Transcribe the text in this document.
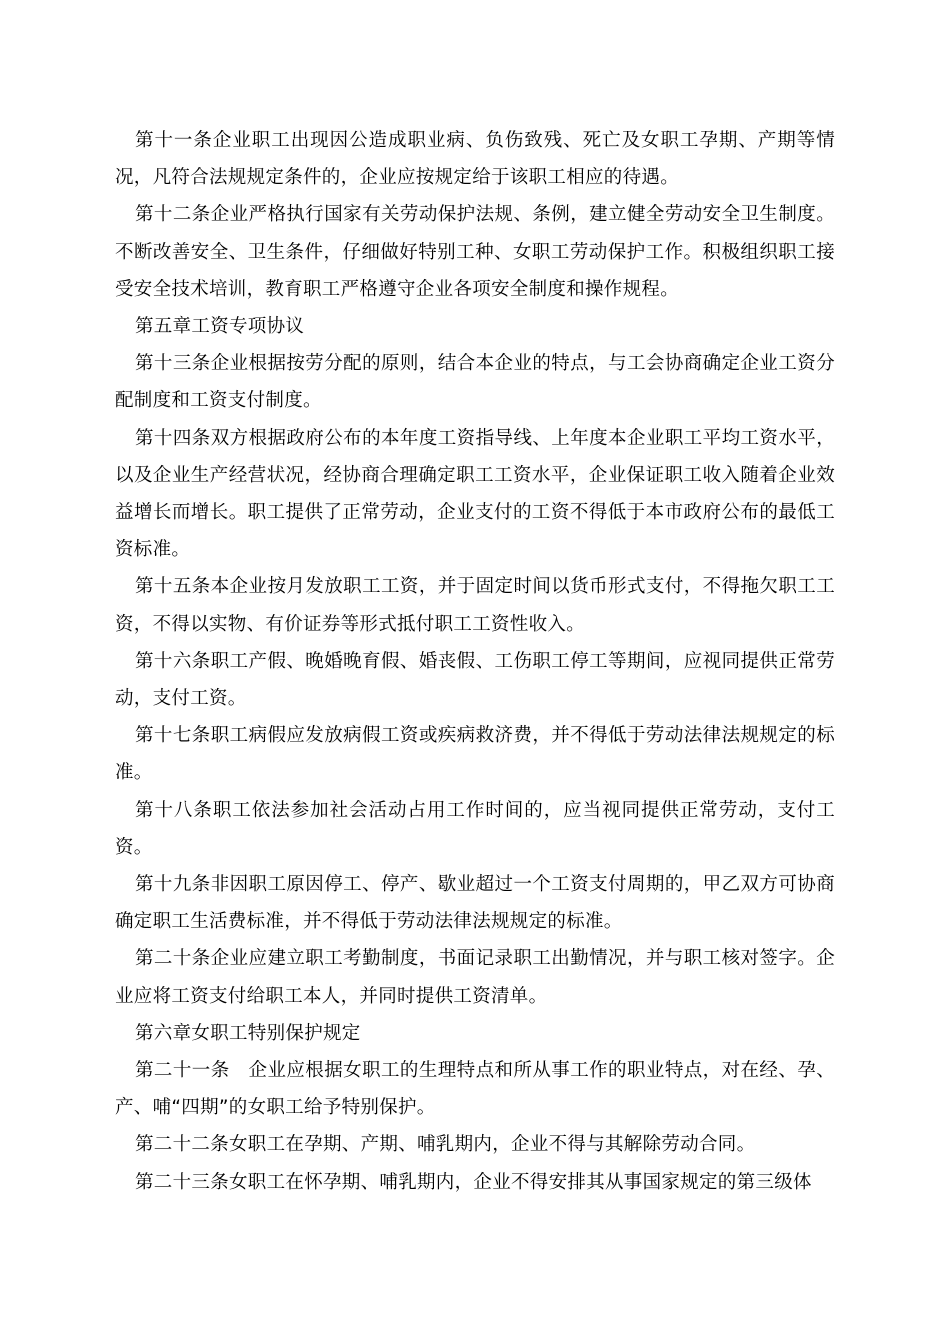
第十一条企业职工出现因公造成职业病、负伤致残、死亡及女职工孕期、产期等情况，凡符合法规规定条件的，企业应按规定给于该职工相应的待遇。

第十二条企业严格执行国家有关劳动保护法规、条例，建立健全劳动安全卫生制度。不断改善安全、卫生条件，仔细做好特别工种、女职工劳动保护工作。积极组织职工接受安全技术培训，教育职工严格遵守企业各项安全制度和操作规程。

第五章工资专项协议

第十三条企业根据按劳分配的原则，结合本企业的特点，与工会协商确定企业工资分配制度和工资支付制度。

第十四条双方根据政府公布的本年度工资指导线、上年度本企业职工平均工资水平，以及企业生产经营状况，经协商合理确定职工工资水平，企业保证职工收入随着企业效益增长而增长。职工提供了正常劳动，企业支付的工资不得低于本市政府公布的最低工资标准。

第十五条本企业按月发放职工工资，并于固定时间以货币形式支付，不得拖欠职工工资，不得以实物、有价证券等形式抵付职工工资性收入。

第十六条职工产假、晚婚晚育假、婚丧假、工伤职工停工等期间，应视同提供正常劳动，支付工资。

第十七条职工病假应发放病假工资或疾病救济费，并不得低于劳动法律法规规定的标准。

第十八条职工依法参加社会活动占用工作时间的，应当视同提供正常劳动，支付工资。

第十九条非因职工原因停工、停产、歇业超过一个工资支付周期的，甲乙双方可协商确定职工生活费标准，并不得低于劳动法律法规规定的标准。

第二十条企业应建立职工考勤制度，书面记录职工出勤情况，并与职工核对签字。企业应将工资支付给职工本人，并同时提供工资清单。

第六章女职工特别保护规定

第二十一条　企业应根据女职工的生理特点和所从事工作的职业特点，对在经、孕、产、哺“四期”的女职工给予特别保护。

第二十二条女职工在孕期、产期、哺乳期内，企业不得与其解除劳动合同。

第二十三条女职工在怀孕期、哺乳期内，企业不得安排其从事国家规定的第三级体
